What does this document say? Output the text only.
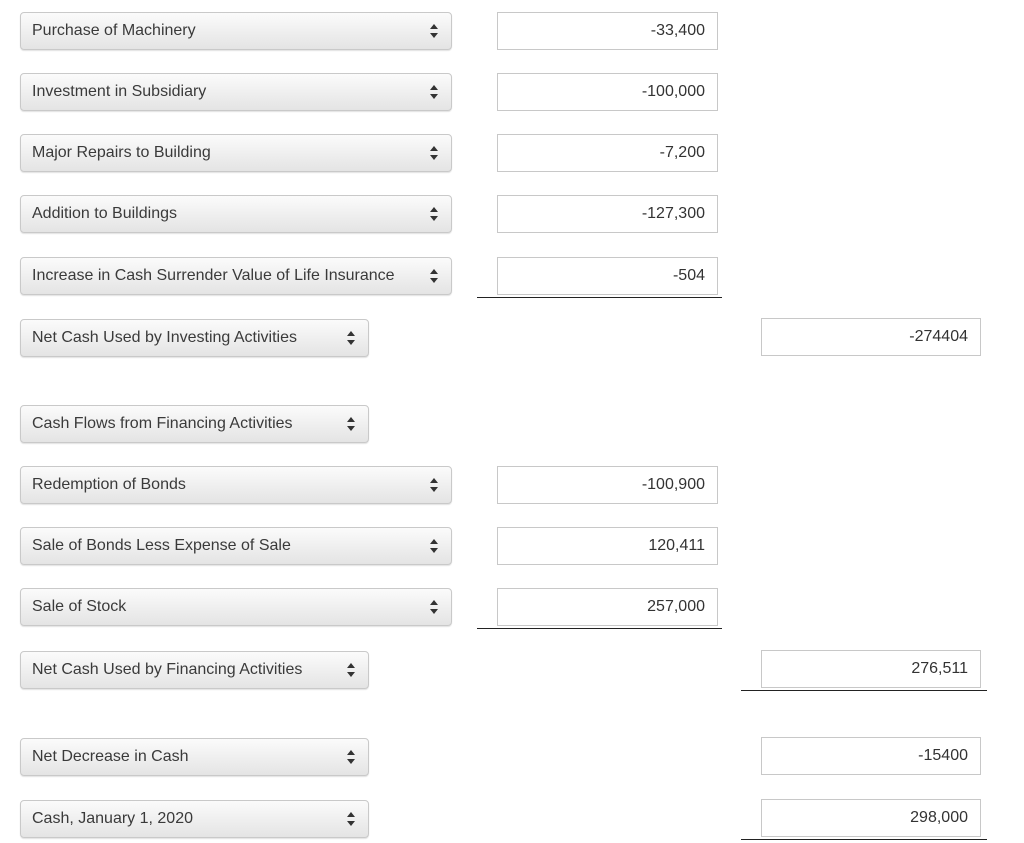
Purchase of Machinery	-33,400
Investment in Subsidiary	-100,000
Major Repairs to Building	-7,200
Addition to Buildings	-127,300
Increase in Cash Surrender Value of Life Insurance	-504
Net Cash Used by Investing Activities	-274404
Cash Flows from Financing Activities
Redemption of Bonds	-100,900
Sale of Bonds Less Expense of Sale	120,411
Sale of Stock	257,000
Net Cash Used by Financing Activities	276,511
Net Decrease in Cash	-15400
Cash, January 1, 2020	298,000
